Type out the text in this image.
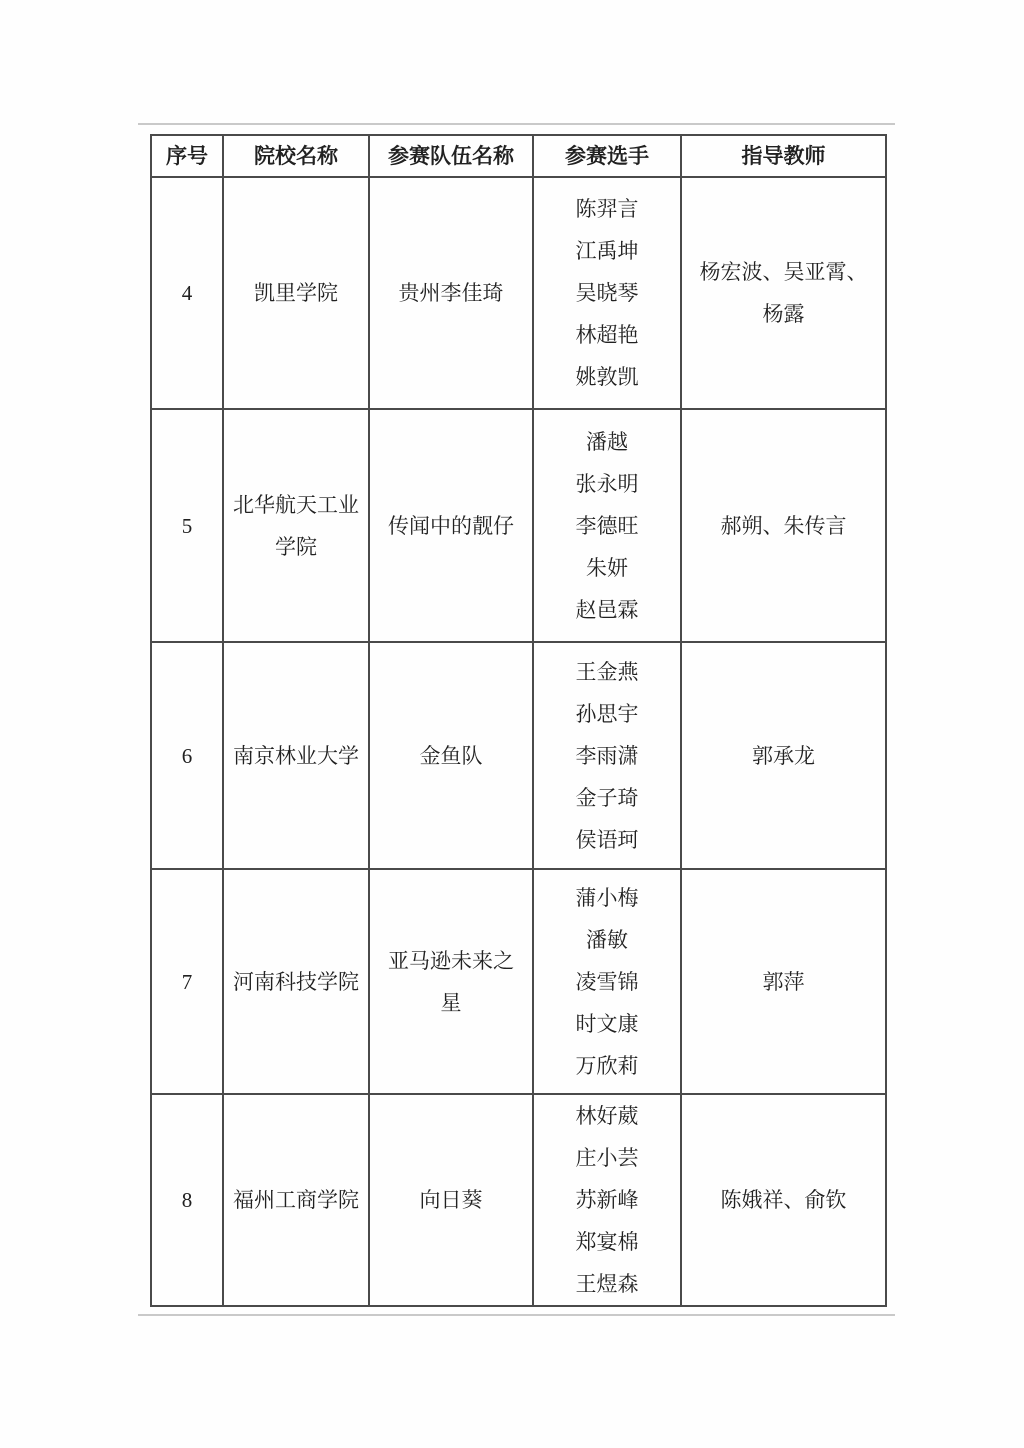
序号	院校名称	参赛队伍名称	参赛选手	指导教师
4	凯里学院	贵州李佳琦	陈羿言
江禹坤
吴晓琴
林超艳
姚敦凯	杨宏波、吴亚霄、杨露
5	北华航天工业学院	传闻中的靓仔	潘越
张永明
李德旺
朱妍
赵邑霖	郝朔、朱传言
6	南京林业大学	金鱼队	王金燕
孙思宇
李雨潇
金子琦
侯语珂	郭承龙
7	河南科技学院	亚马逊未来之星	蒲小梅
潘敏
凌雪锦
时文康
万欣莉	郭萍
8	福州工商学院	向日葵	林好葳
庄小芸
苏新峰
郑宴棉
王煜森	陈娥祥、俞钦
